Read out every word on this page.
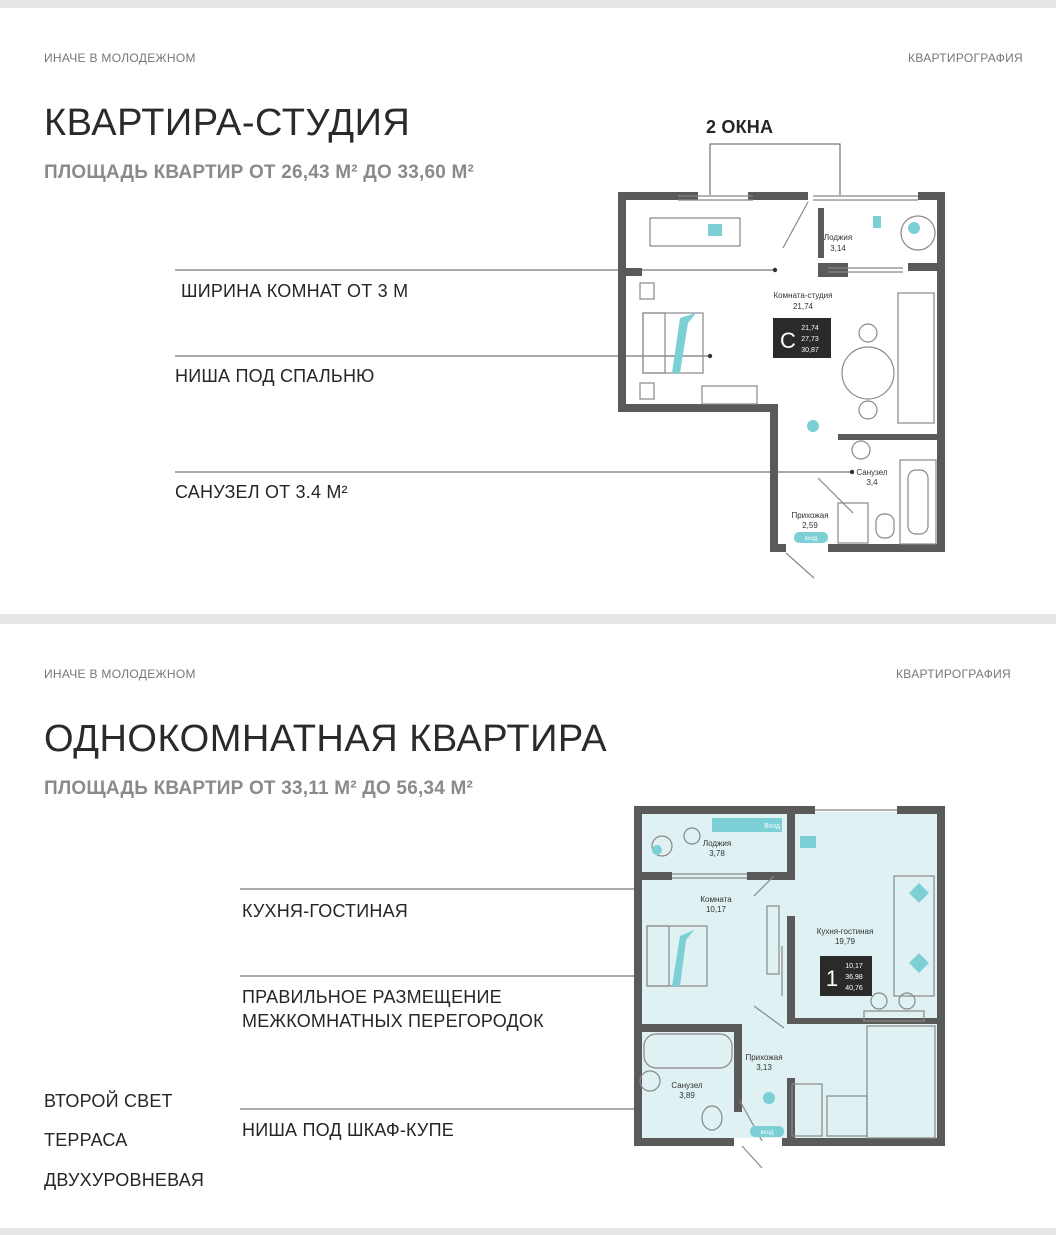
ИНАЧЕ В МОЛОДЕЖНОМ	КВАРТИРОГРАФИЯ
КВАРТИРА-СТУДИЯ
ПЛОЩАДЬ КВАРТИР ОТ 26,43 М² ДО 33,60 М²
2 ОКНА
ШИРИНА КОМНАТ ОТ 3 М
НИША ПОД СПАЛЬНЮ
САНУЗЕЛ ОТ 3.4 М²
Лоджия
3,14
Комната-студия
21,74
Санузел
3,4
Прихожая
2,59
вход
С 21,74
27,73
30,87
ИНАЧЕ В МОЛОДЕЖНОМ	КВАРТИРОГРАФИЯ
ОДНОКОМНАТНАЯ КВАРТИРА
ПЛОЩАДЬ КВАРТИР ОТ 33,11 М² ДО 56,34 М²
КУХНЯ-ГОСТИНАЯ
ПРАВИЛЬНОЕ РАЗМЕЩЕНИЕ
МЕЖКОМНАТНЫХ ПЕРЕГОРОДОК
НИША ПОД ШКАФ-КУПЕ
ВТОРОЙ СВЕТ
ТЕРРАСА
ДВУХУРОВНЕВАЯ
Вход
Лоджия
3,78
Комната
10,17
Кухня-гостиная
19,79
Прихожая
3,13
Санузел
3,89
вход
1 10,17
36,98
40,76
